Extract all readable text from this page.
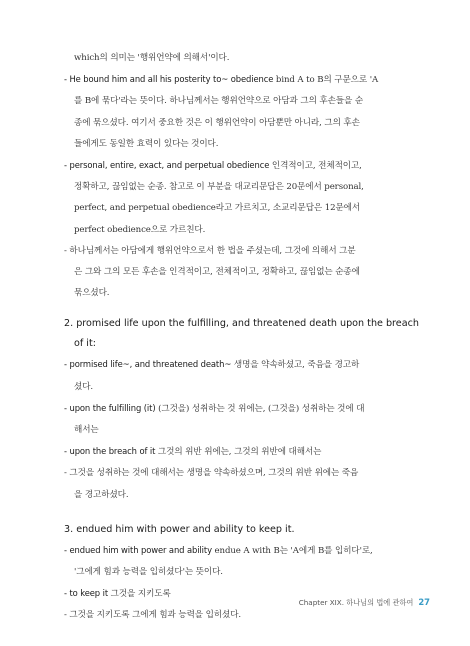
which의 의미는 '행위언약에 의해서'이다.
- He bound him and all his posterity to~ obedience bind A to B의 구문으로 'A
를 B에 묶다'라는 뜻이다. 하나님께서는 행위언약으로 아담과 그의 후손들을 순
종에 묶으셨다. 여기서 중요한 것은 이 행위언약이 아담뿐만 아니라, 그의 후손
들에게도 동일한 효력이 있다는 것이다.
- personal, entire, exact, and perpetual obedience 인격적이고, 전체적이고,
정확하고, 끊임없는 순종. 참고로 이 부분을 대교리문답은 20문에서 personal,
perfect, and perpetual obedience라고 가르치고, 소교리문답은 12문에서
perfect obedience으로 가르친다.
- 하나님께서는 아담에게 행위언약으로서 한 법을 주셨는데, 그것에 의해서 그분
은 그와 그의 모든 후손을 인격적이고, 전체적이고, 정확하고, 끊임없는 순종에
묶으셨다.
2. promised life upon the fulfilling, and threatened death upon the breach
of it:
- pormised life~, and threatened death~ 생명을 약속하셨고, 죽음을 경고하
셨다.
- upon the fulfilling (it) (그것을) 성취하는 것 위에는, (그것을) 성취하는 것에 대
해서는
- upon the breach of it 그것의 위반 위에는, 그것의 위반에 대해서는
- 그것을 성취하는 것에 대해서는 생명을 약속하셨으며, 그것의 위반 위에는 죽음
을 경고하셨다.
3. endued him with power and ability to keep it.
- endued him with power and ability endue A with B는 'A에게 B를 입히다'로,
'그에게 힘과 능력을 입히셨다'는 뜻이다.
- to keep it 그것을 지키도록
- 그것을 지키도록 그에게 힘과 능력을 입히셨다.
Chapter XIX. 하나님의 법에 관하여 27
